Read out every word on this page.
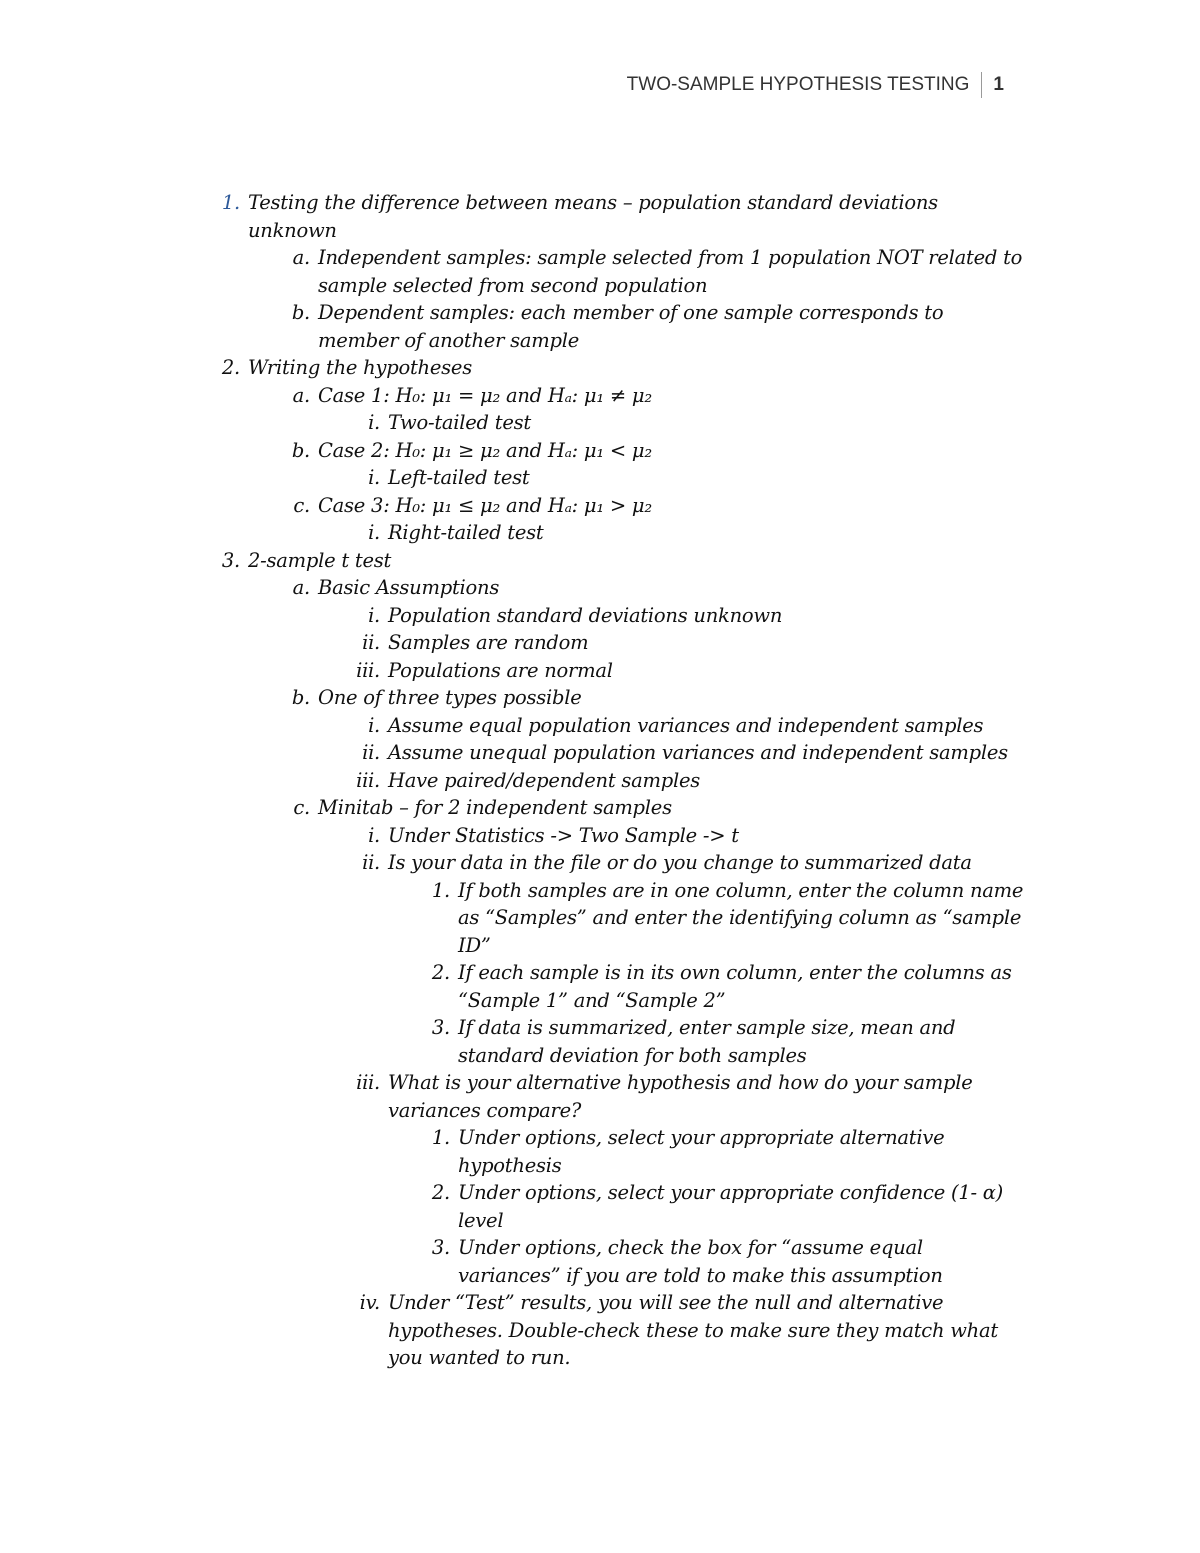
TWO-SAMPLE HYPOTHESIS TESTING 1
1. Testing the difference between means – population standard deviations
unknown
a. Independent samples: sample selected from 1 population NOT related to
sample selected from second population
b. Dependent samples: each member of one sample corresponds to
member of another sample
2. Writing the hypotheses
a. Case 1: H₀: μ₁ = μ₂ and Hₐ: μ₁ ≠ μ₂
i. Two-tailed test
b. Case 2: H₀: μ₁ ≥ μ₂ and Hₐ: μ₁ < μ₂
i. Left-tailed test
c. Case 3: H₀: μ₁ ≤ μ₂ and Hₐ: μ₁ > μ₂
i. Right-tailed test
3. 2-sample t test
a. Basic Assumptions
i. Population standard deviations unknown
ii. Samples are random
iii. Populations are normal
b. One of three types possible
i. Assume equal population variances and independent samples
ii. Assume unequal population variances and independent samples
iii. Have paired/dependent samples
c. Minitab – for 2 independent samples
i. Under Statistics -> Two Sample -> t
ii. Is your data in the file or do you change to summarized data
1. If both samples are in one column, enter the column name
as “Samples” and enter the identifying column as “sample
ID”
2. If each sample is in its own column, enter the columns as
“Sample 1” and “Sample 2”
3. If data is summarized, enter sample size, mean and
standard deviation for both samples
iii. What is your alternative hypothesis and how do your sample
variances compare?
1. Under options, select your appropriate alternative
hypothesis
2. Under options, select your appropriate confidence (1- α)
level
3. Under options, check the box for “assume equal
variances” if you are told to make this assumption
iv. Under “Test” results, you will see the null and alternative
hypotheses. Double-check these to make sure they match what
you wanted to run.
